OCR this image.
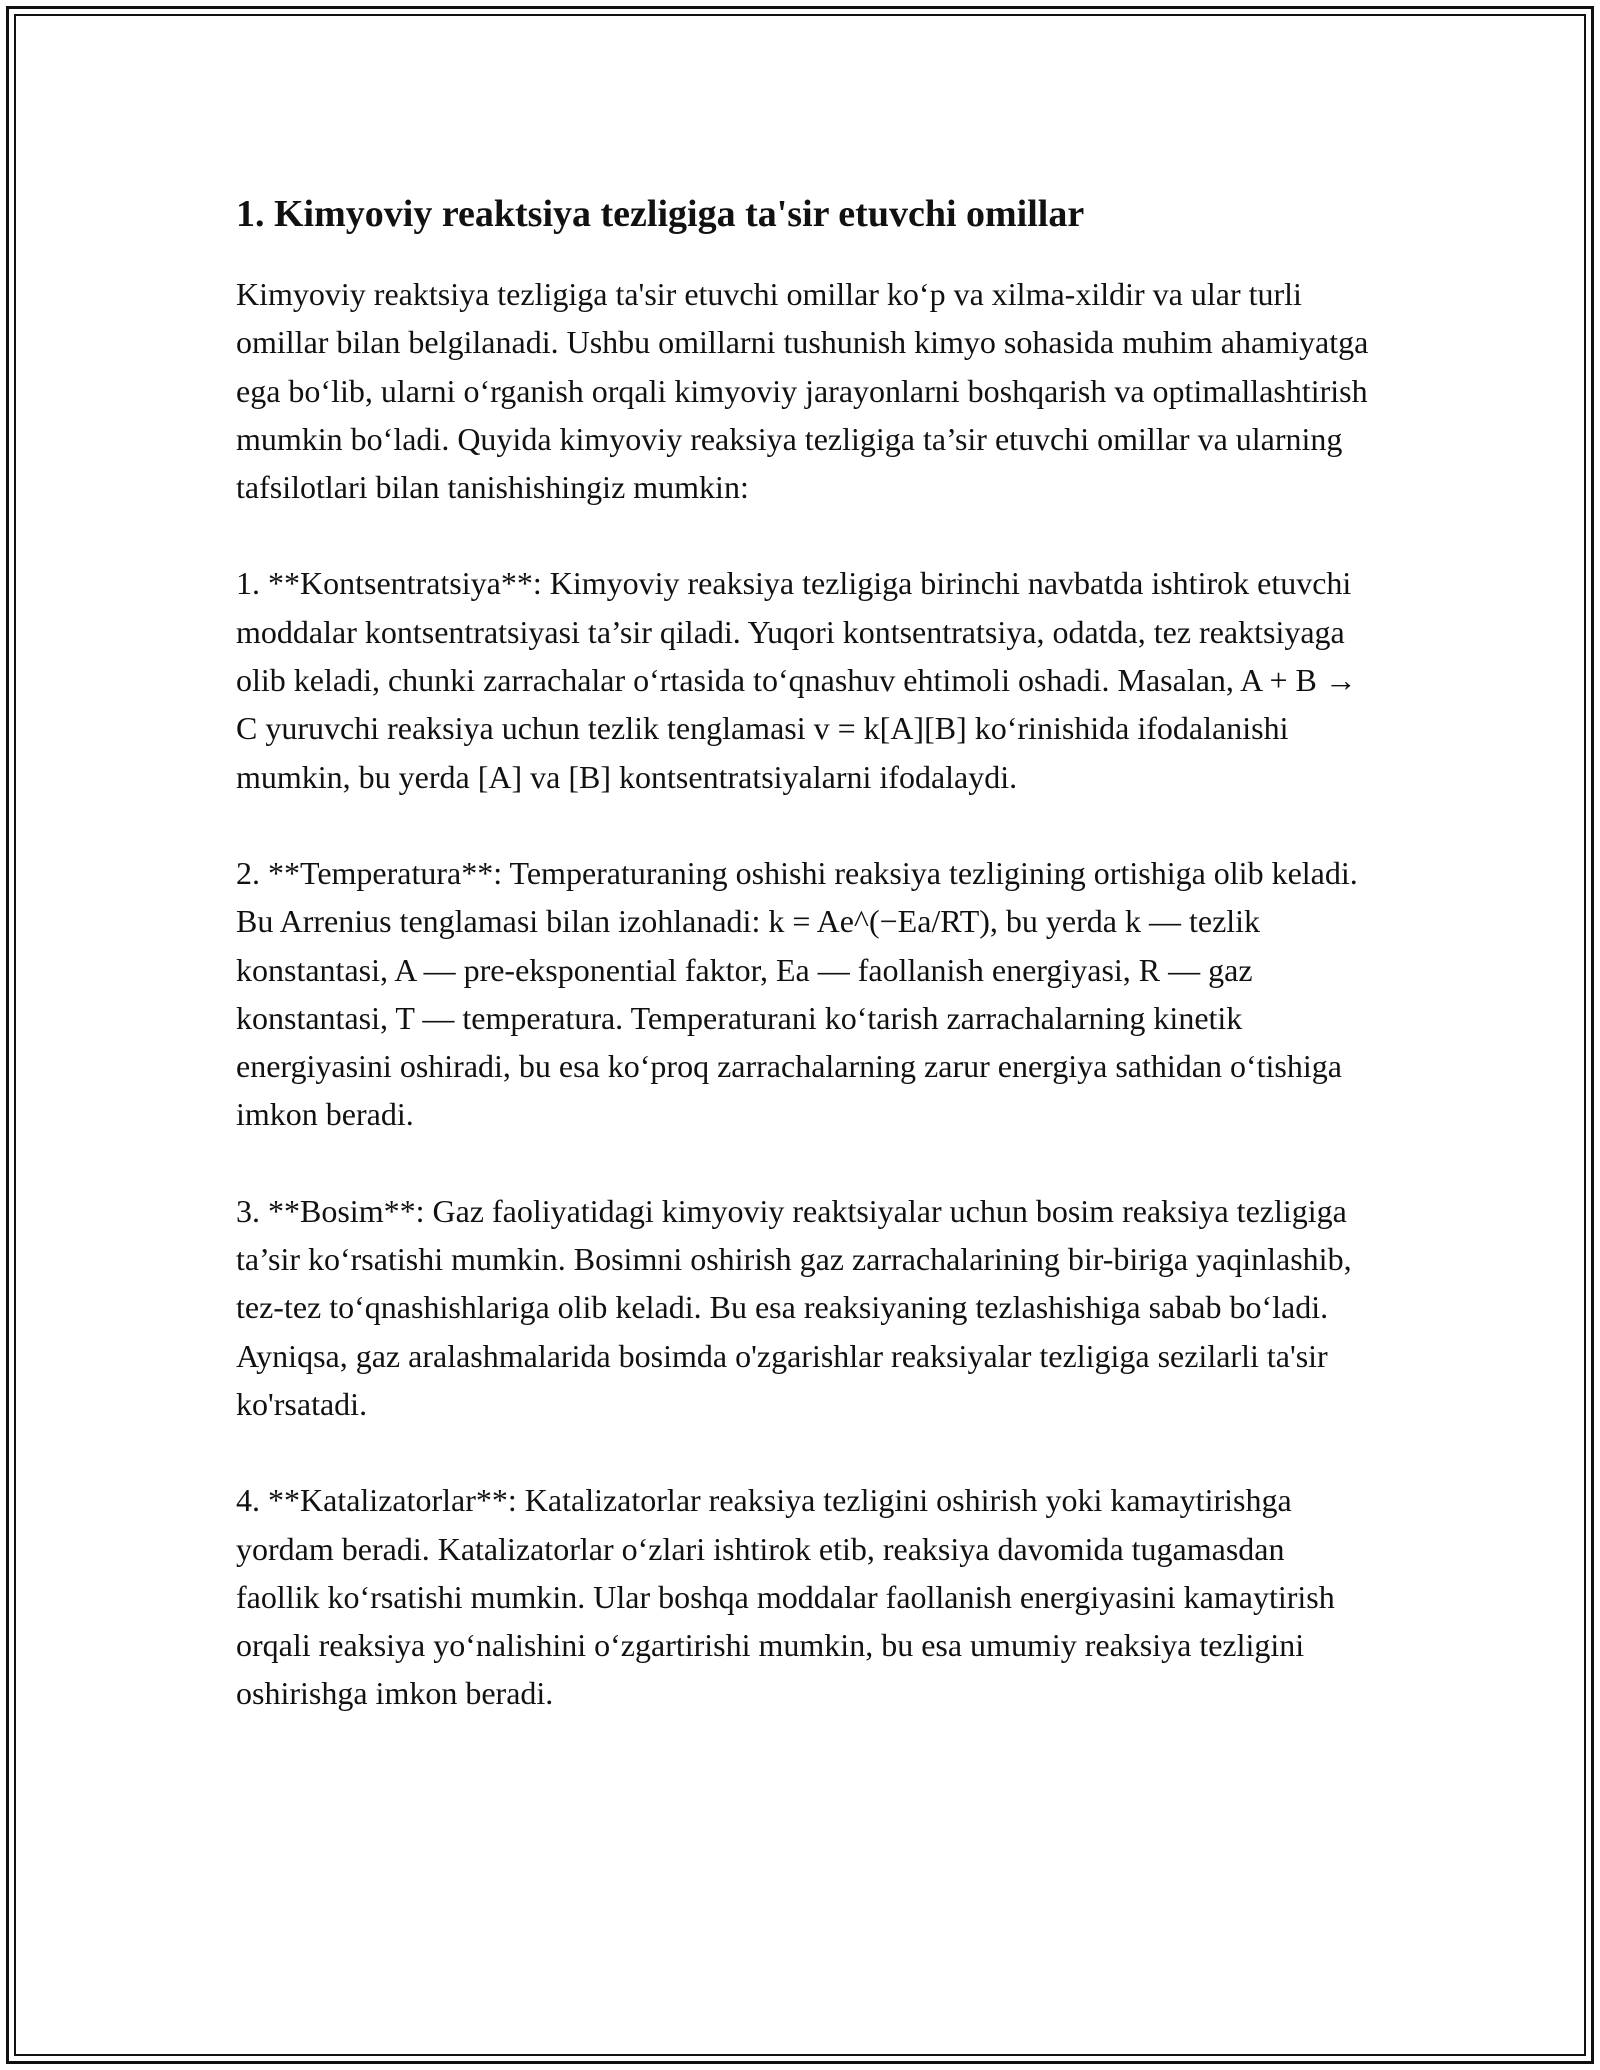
1. Kimyoviy reaktsiya tezligiga ta'sir etuvchi omillar

Kimyoviy reaktsiya tezligiga ta'sir etuvchi omillar ko‘p va xilma-xildir va ular turli omillar bilan belgilanadi. Ushbu omillarni tushunish kimyo sohasida muhim ahamiyatga ega bo‘lib, ularni o‘rganish orqali kimyoviy jarayonlarni boshqarish va optimallashtirish mumkin bo‘ladi. Quyida kimyoviy reaksiya tezligiga ta’sir etuvchi omillar va ularning tafsilotlari bilan tanishishingiz mumkin:

1. **Kontsentratsiya**: Kimyoviy reaksiya tezligiga birinchi navbatda ishtirok etuvchi moddalar kontsentratsiyasi ta’sir qiladi. Yuqori kontsentratsiya, odatda, tez reaktsiyaga olib keladi, chunki zarrachalar o‘rtasida to‘qnashuv ehtimoli oshadi. Masalan, A + B → C yuruvchi reaksiya uchun tezlik tenglamasi v = k[A][B] ko‘rinishida ifodalanishi mumkin, bu yerda [A] va [B] kontsentratsiyalarni ifodalaydi.

2. **Temperatura**: Temperaturaning oshishi reaksiya tezligining ortishiga olib keladi. Bu Arrenius tenglamasi bilan izohlanadi: k = Ae^(−Ea/RT), bu yerda k — tezlik konstantasi, A — pre-eksponential faktor, Ea — faollanish energiyasi, R — gaz konstantasi, T — temperatura. Temperaturani ko‘tarish zarrachalarning kinetik energiyasini oshiradi, bu esa ko‘proq zarrachalarning zarur energiya sathidan o‘tishiga imkon beradi.

3. **Bosim**: Gaz faoliyatidagi kimyoviy reaktsiyalar uchun bosim reaksiya tezligiga ta’sir ko‘rsatishi mumkin. Bosimni oshirish gaz zarrachalarining bir-biriga yaqinlashib, tez-tez to‘qnashishlariga olib keladi. Bu esa reaksiyaning tezlashishiga sabab bo‘ladi. Ayniqsa, gaz aralashmalarida bosimda o'zgarishlar reaksiyalar tezligiga sezilarli ta'sir ko'rsatadi.

4. **Katalizatorlar**: Katalizatorlar reaksiya tezligini oshirish yoki kamaytirishga yordam beradi. Katalizatorlar o‘zlari ishtirok etib, reaksiya davomida tugamasdan faollik ko‘rsatishi mumkin. Ular boshqa moddalar faollanish energiyasini kamaytirish orqali reaksiya yo‘nalishini o‘zgartirishi mumkin, bu esa umumiy reaksiya tezligini oshirishga imkon beradi.
